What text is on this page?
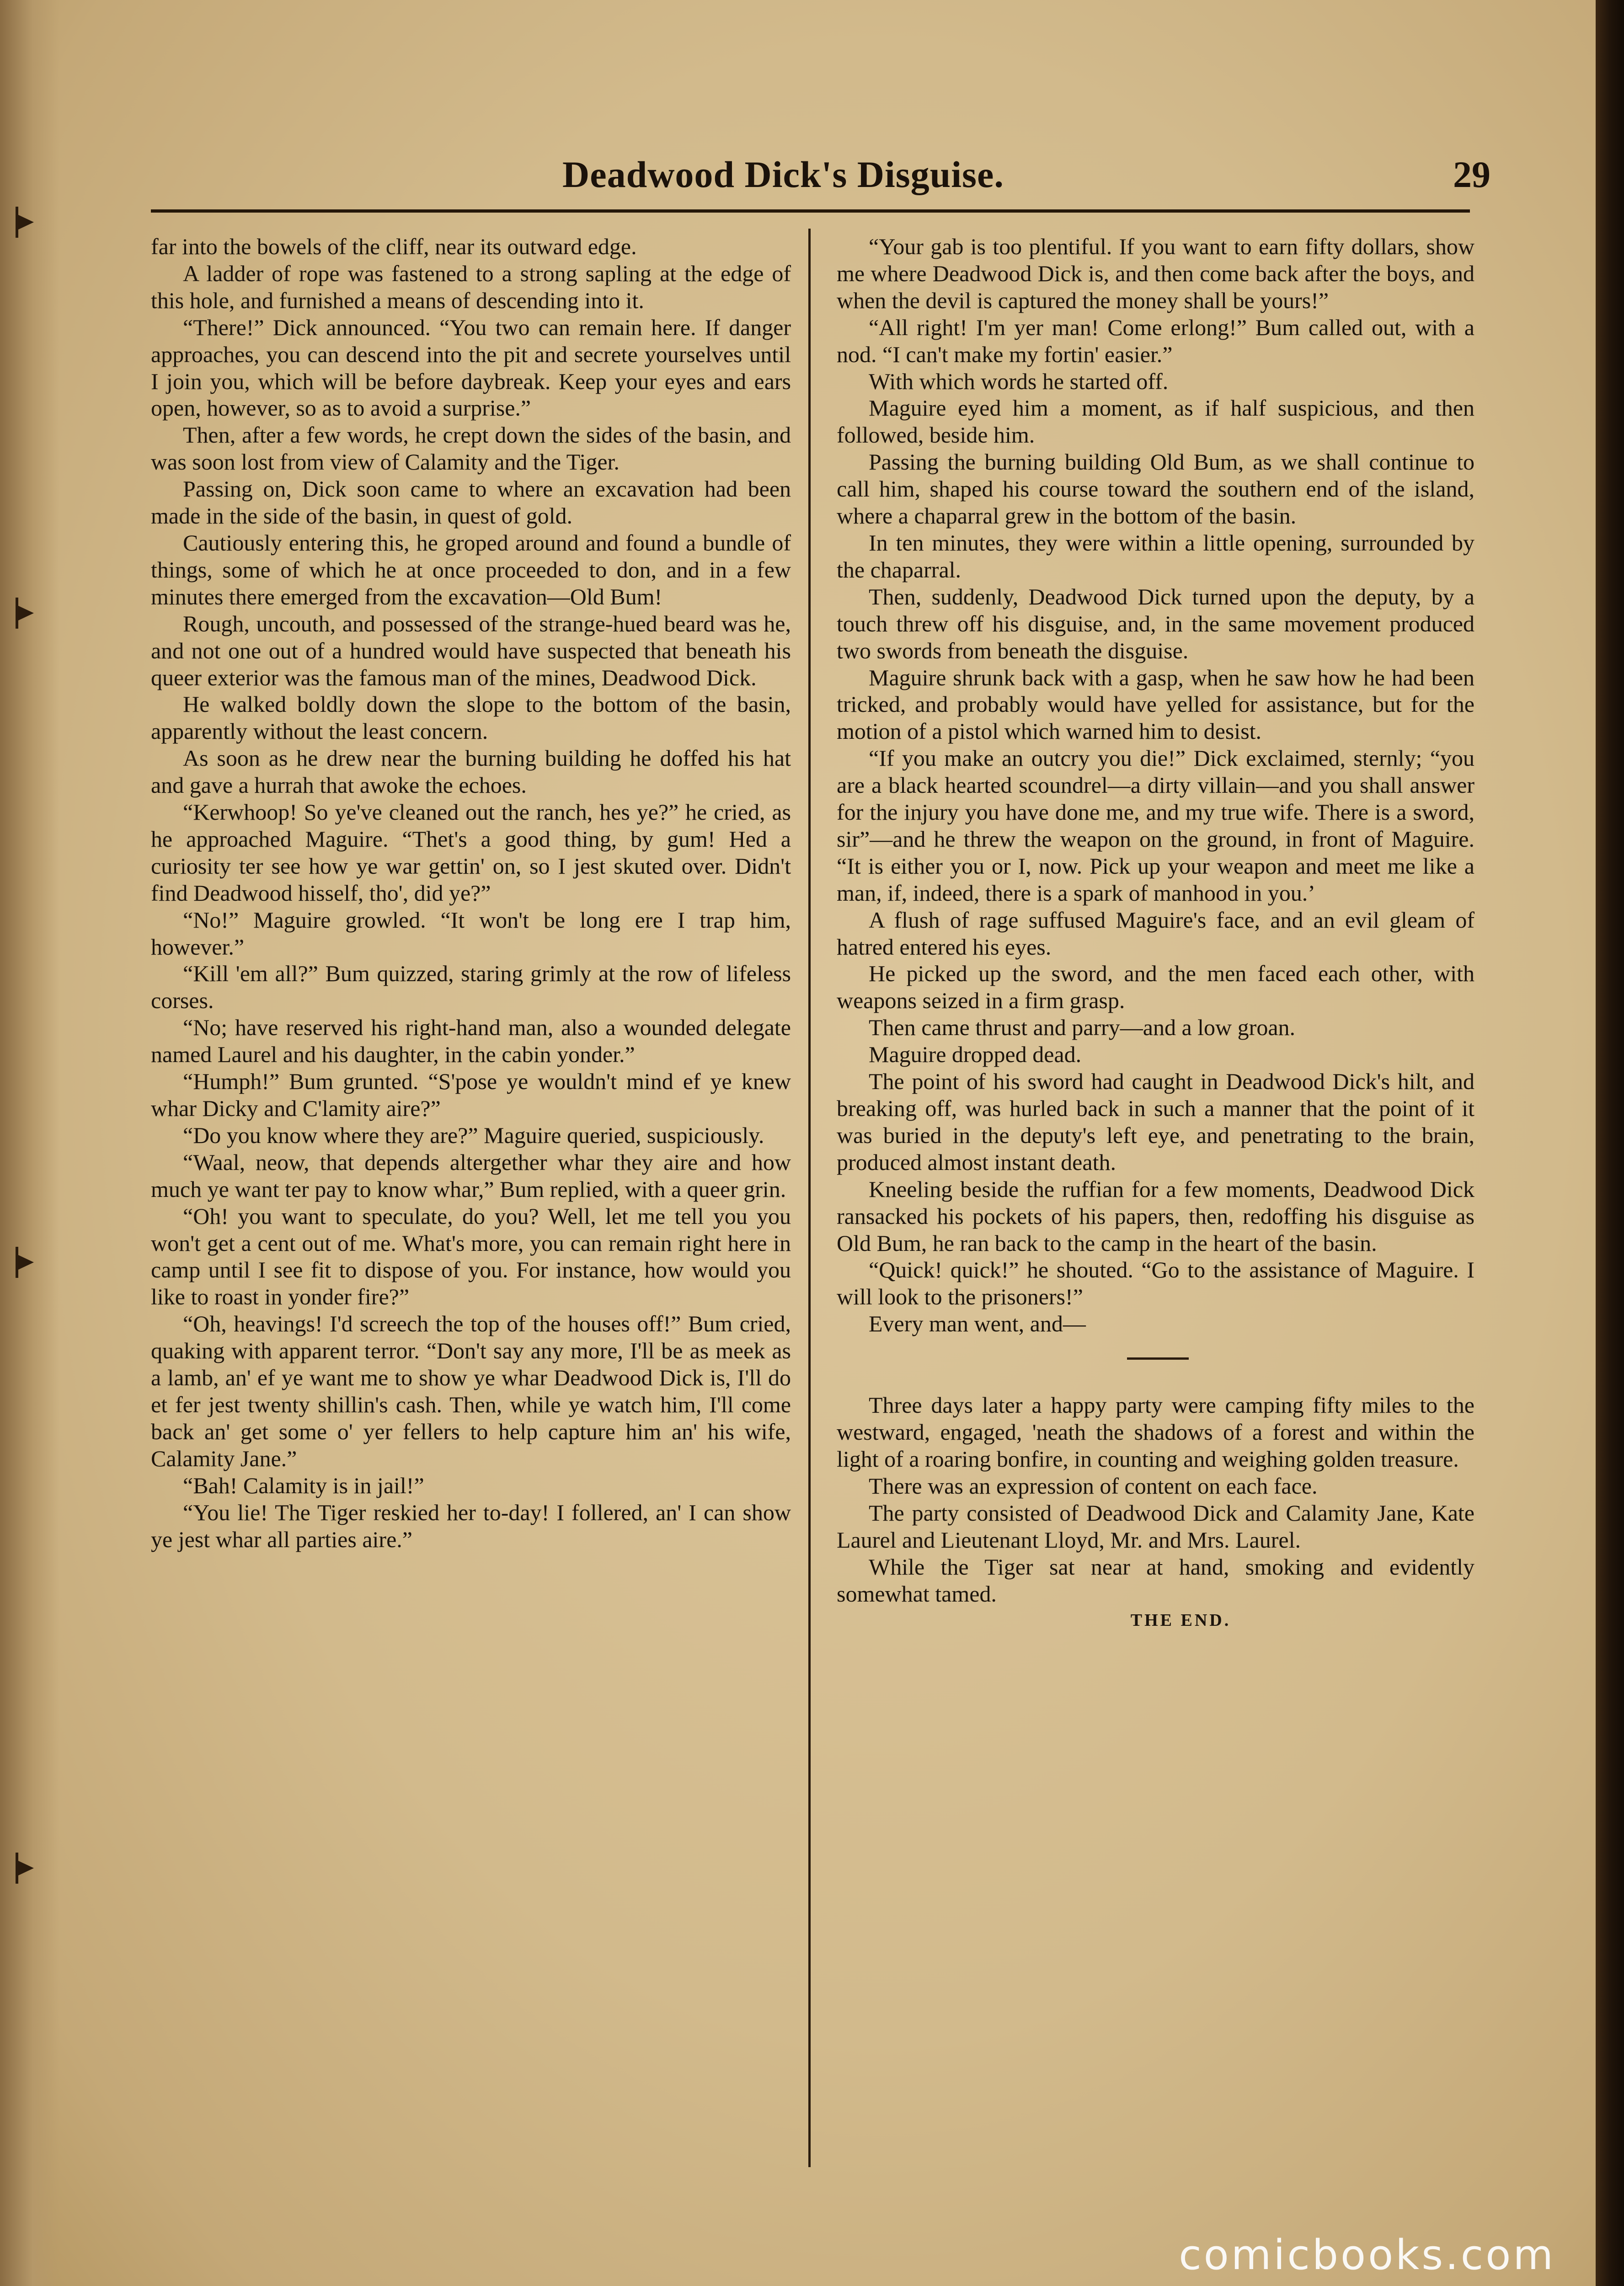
Deadwood Dick's Disguise.	29

far into the bowels of the cliff, near its outward edge.

A ladder of rope was fastened to a strong sapling at the edge of this hole, and furnished a means of descending into it.

“There!” Dick announced. “You two can remain here. If danger approaches, you can descend into the pit and secrete yourselves until I join you, which will be before daybreak. Keep your eyes and ears open, however, so as to avoid a surprise.”

Then, after a few words, he crept down the sides of the basin, and was soon lost from view of Calamity and the Tiger.

Passing on, Dick soon came to where an excavation had been made in the side of the basin, in quest of gold.

Cautiously entering this, he groped around and found a bundle of things, some of which he at once proceeded to don, and in a few minutes there emerged from the excavation—Old Bum!

Rough, uncouth, and possessed of the strange-hued beard was he, and not one out of a hundred would have suspected that beneath his queer exterior was the famous man of the mines, Deadwood Dick.

He walked boldly down the slope to the bottom of the basin, apparently without the least concern.

As soon as he drew near the burning building he doffed his hat and gave a hurrah that awoke the echoes.

“Kerwhoop! So ye've cleaned out the ranch, hes ye?” he cried, as he approached Maguire. “Thet's a good thing, by gum! Hed a curiosity ter see how ye war gettin' on, so I jest skuted over. Didn't find Deadwood hisself, tho', did ye?”

“No!” Maguire growled. “It won't be long ere I trap him, however.”

“Kill 'em all?” Bum quizzed, staring grimly at the row of lifeless corses.

“No; have reserved his right-hand man, also a wounded delegate named Laurel and his daughter, in the cabin yonder.”

“Humph!” Bum grunted. “S'pose ye wouldn't mind ef ye knew whar Dicky and C'lamity aire?”

“Do you know where they are?” Maguire queried, suspiciously.

“Waal, neow, that depends altergether whar they aire and how much ye want ter pay to know whar,” Bum replied, with a queer grin.

“Oh! you want to speculate, do you? Well, let me tell you you won't get a cent out of me. What's more, you can remain right here in camp until I see fit to dispose of you. For instance, how would you like to roast in yonder fire?”

“Oh, heavings! I'd screech the top of the houses off!” Bum cried, quaking with apparent terror. “Don't say any more, I'll be as meek as a lamb, an' ef ye want me to show ye whar Deadwood Dick is, I'll do et fer jest twenty shillin's cash. Then, while ye watch him, I'll come back an' get some o' yer fellers to help capture him an' his wife, Calamity Jane.”

“Bah! Calamity is in jail!”

“You lie! The Tiger reskied her to-day! I follered, an' I can show ye jest whar all parties aire.”

“Your gab is too plentiful. If you want to earn fifty dollars, show me where Deadwood Dick is, and then come back after the boys, and when the devil is captured the money shall be yours!”

“All right! I'm yer man! Come erlong!” Bum called out, with a nod. “I can't make my fortin' easier.”

With which words he started off.

Maguire eyed him a moment, as if half suspicious, and then followed, beside him.

Passing the burning building Old Bum, as we shall continue to call him, shaped his course toward the southern end of the island, where a chaparral grew in the bottom of the basin.

In ten minutes, they were within a little opening, surrounded by the chaparral.

Then, suddenly, Deadwood Dick turned upon the deputy, by a touch threw off his disguise, and, in the same movement produced two swords from beneath the disguise.

Maguire shrunk back with a gasp, when he saw how he had been tricked, and probably would have yelled for assistance, but for the motion of a pistol which warned him to desist.

“If you make an outcry you die!” Dick exclaimed, sternly; “you are a black hearted scoundrel—a dirty villain—and you shall answer for the injury you have done me, and my true wife. There is a sword, sir”—and he threw the weapon on the ground, in front of Maguire. “It is either you or I, now. Pick up your weapon and meet me like a man, if, indeed, there is a spark of manhood in you.’

A flush of rage suffused Maguire's face, and an evil gleam of hatred entered his eyes.

He picked up the sword, and the men faced each other, with weapons seized in a firm grasp.

Then came thrust and parry—and a low groan.

Maguire dropped dead.

The point of his sword had caught in Deadwood Dick's hilt, and breaking off, was hurled back in such a manner that the point of it was buried in the deputy's left eye, and penetrating to the brain, produced almost instant death.

Kneeling beside the ruffian for a few moments, Deadwood Dick ransacked his pockets of his papers, then, redoffing his disguise as Old Bum, he ran back to the camp in the heart of the basin.

“Quick! quick!” he shouted. “Go to the assistance of Maguire. I will look to the prisoners!”

Every man went, and—

Three days later a happy party were camping fifty miles to the westward, engaged, 'neath the shadows of a forest and within the light of a roaring bonfire, in counting and weighing golden treasure.

There was an expression of content on each face.

The party consisted of Deadwood Dick and Calamity Jane, Kate Laurel and Lieutenant Lloyd, Mr. and Mrs. Laurel.

While the Tiger sat near at hand, smoking and evidently somewhat tamed.

THE END.

comicbooks.com
